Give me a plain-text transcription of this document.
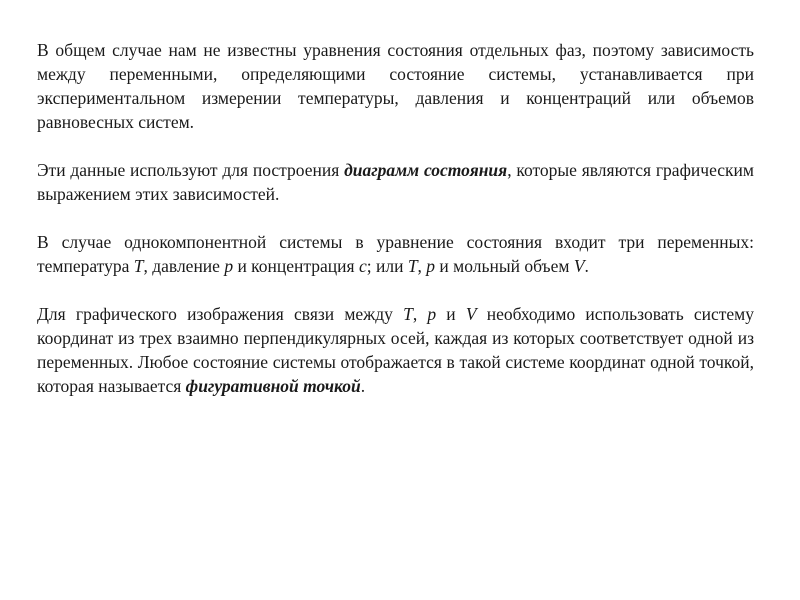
В общем случае нам не известны уравнения состояния отдельных фаз, поэтому зависимость между переменными, определяющими состояние системы, устанавливается при экспериментальном измерении температуры, давления и концентраций или объемов равновесных систем.

Эти данные используют для построения диаграмм состояния, которые являются графическим выражением этих зависимостей.

В случае однокомпонентной системы в уравнение состояния входит три переменных: температура Т, давление р и концентрация с; или Т, р и мольный объем V.

Для графического изображения связи между Т, р и V необходимо использовать систему координат из трех взаимно перпендикулярных осей, каждая из которых соответствует одной из переменных. Любое состояние системы отображается в такой системе координат одной точкой, которая называется фигуративной точкой.
